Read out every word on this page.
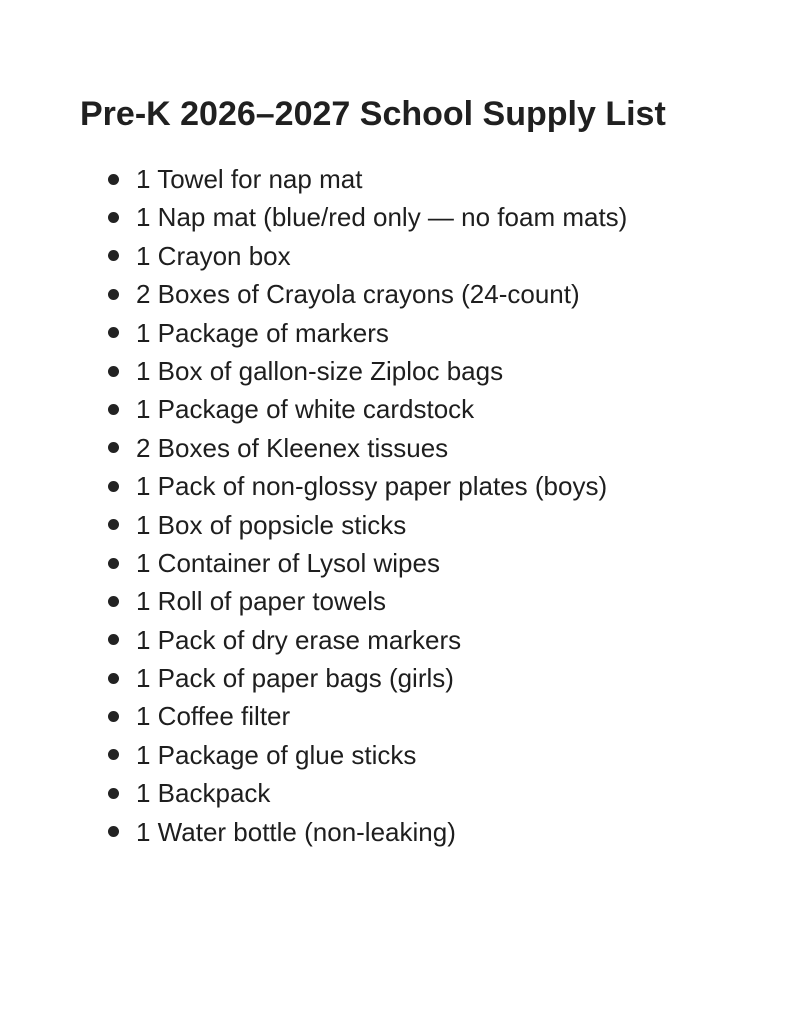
Pre-K 2026–2027 School Supply List
1 Towel for nap mat
1 Nap mat (blue/red only — no foam mats)
1 Crayon box
2 Boxes of Crayola crayons (24-count)
1 Package of markers
1 Box of gallon-size Ziploc bags
1 Package of white cardstock
2 Boxes of Kleenex tissues
1 Pack of non-glossy paper plates (boys)
1 Box of popsicle sticks
1 Container of Lysol wipes
1 Roll of paper towels
1 Pack of dry erase markers
1 Pack of paper bags (girls)
1 Coffee filter
1 Package of glue sticks
1 Backpack
1 Water bottle (non-leaking)
